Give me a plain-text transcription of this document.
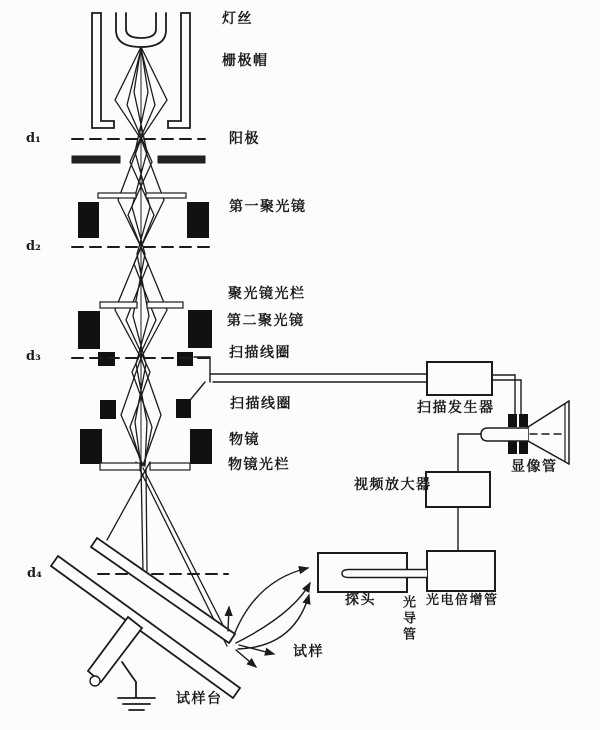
灯丝
栅极帽
d₁	阳极
第一聚光镜
d₂
聚光镜光栏
第二聚光镜
扫描线圈
d₃
扫描线圈
物镜
物镜光栏
扫描发生器
显像管
视频放大器
d₄
探头 光导管 光电倍增管
试样
试样台
